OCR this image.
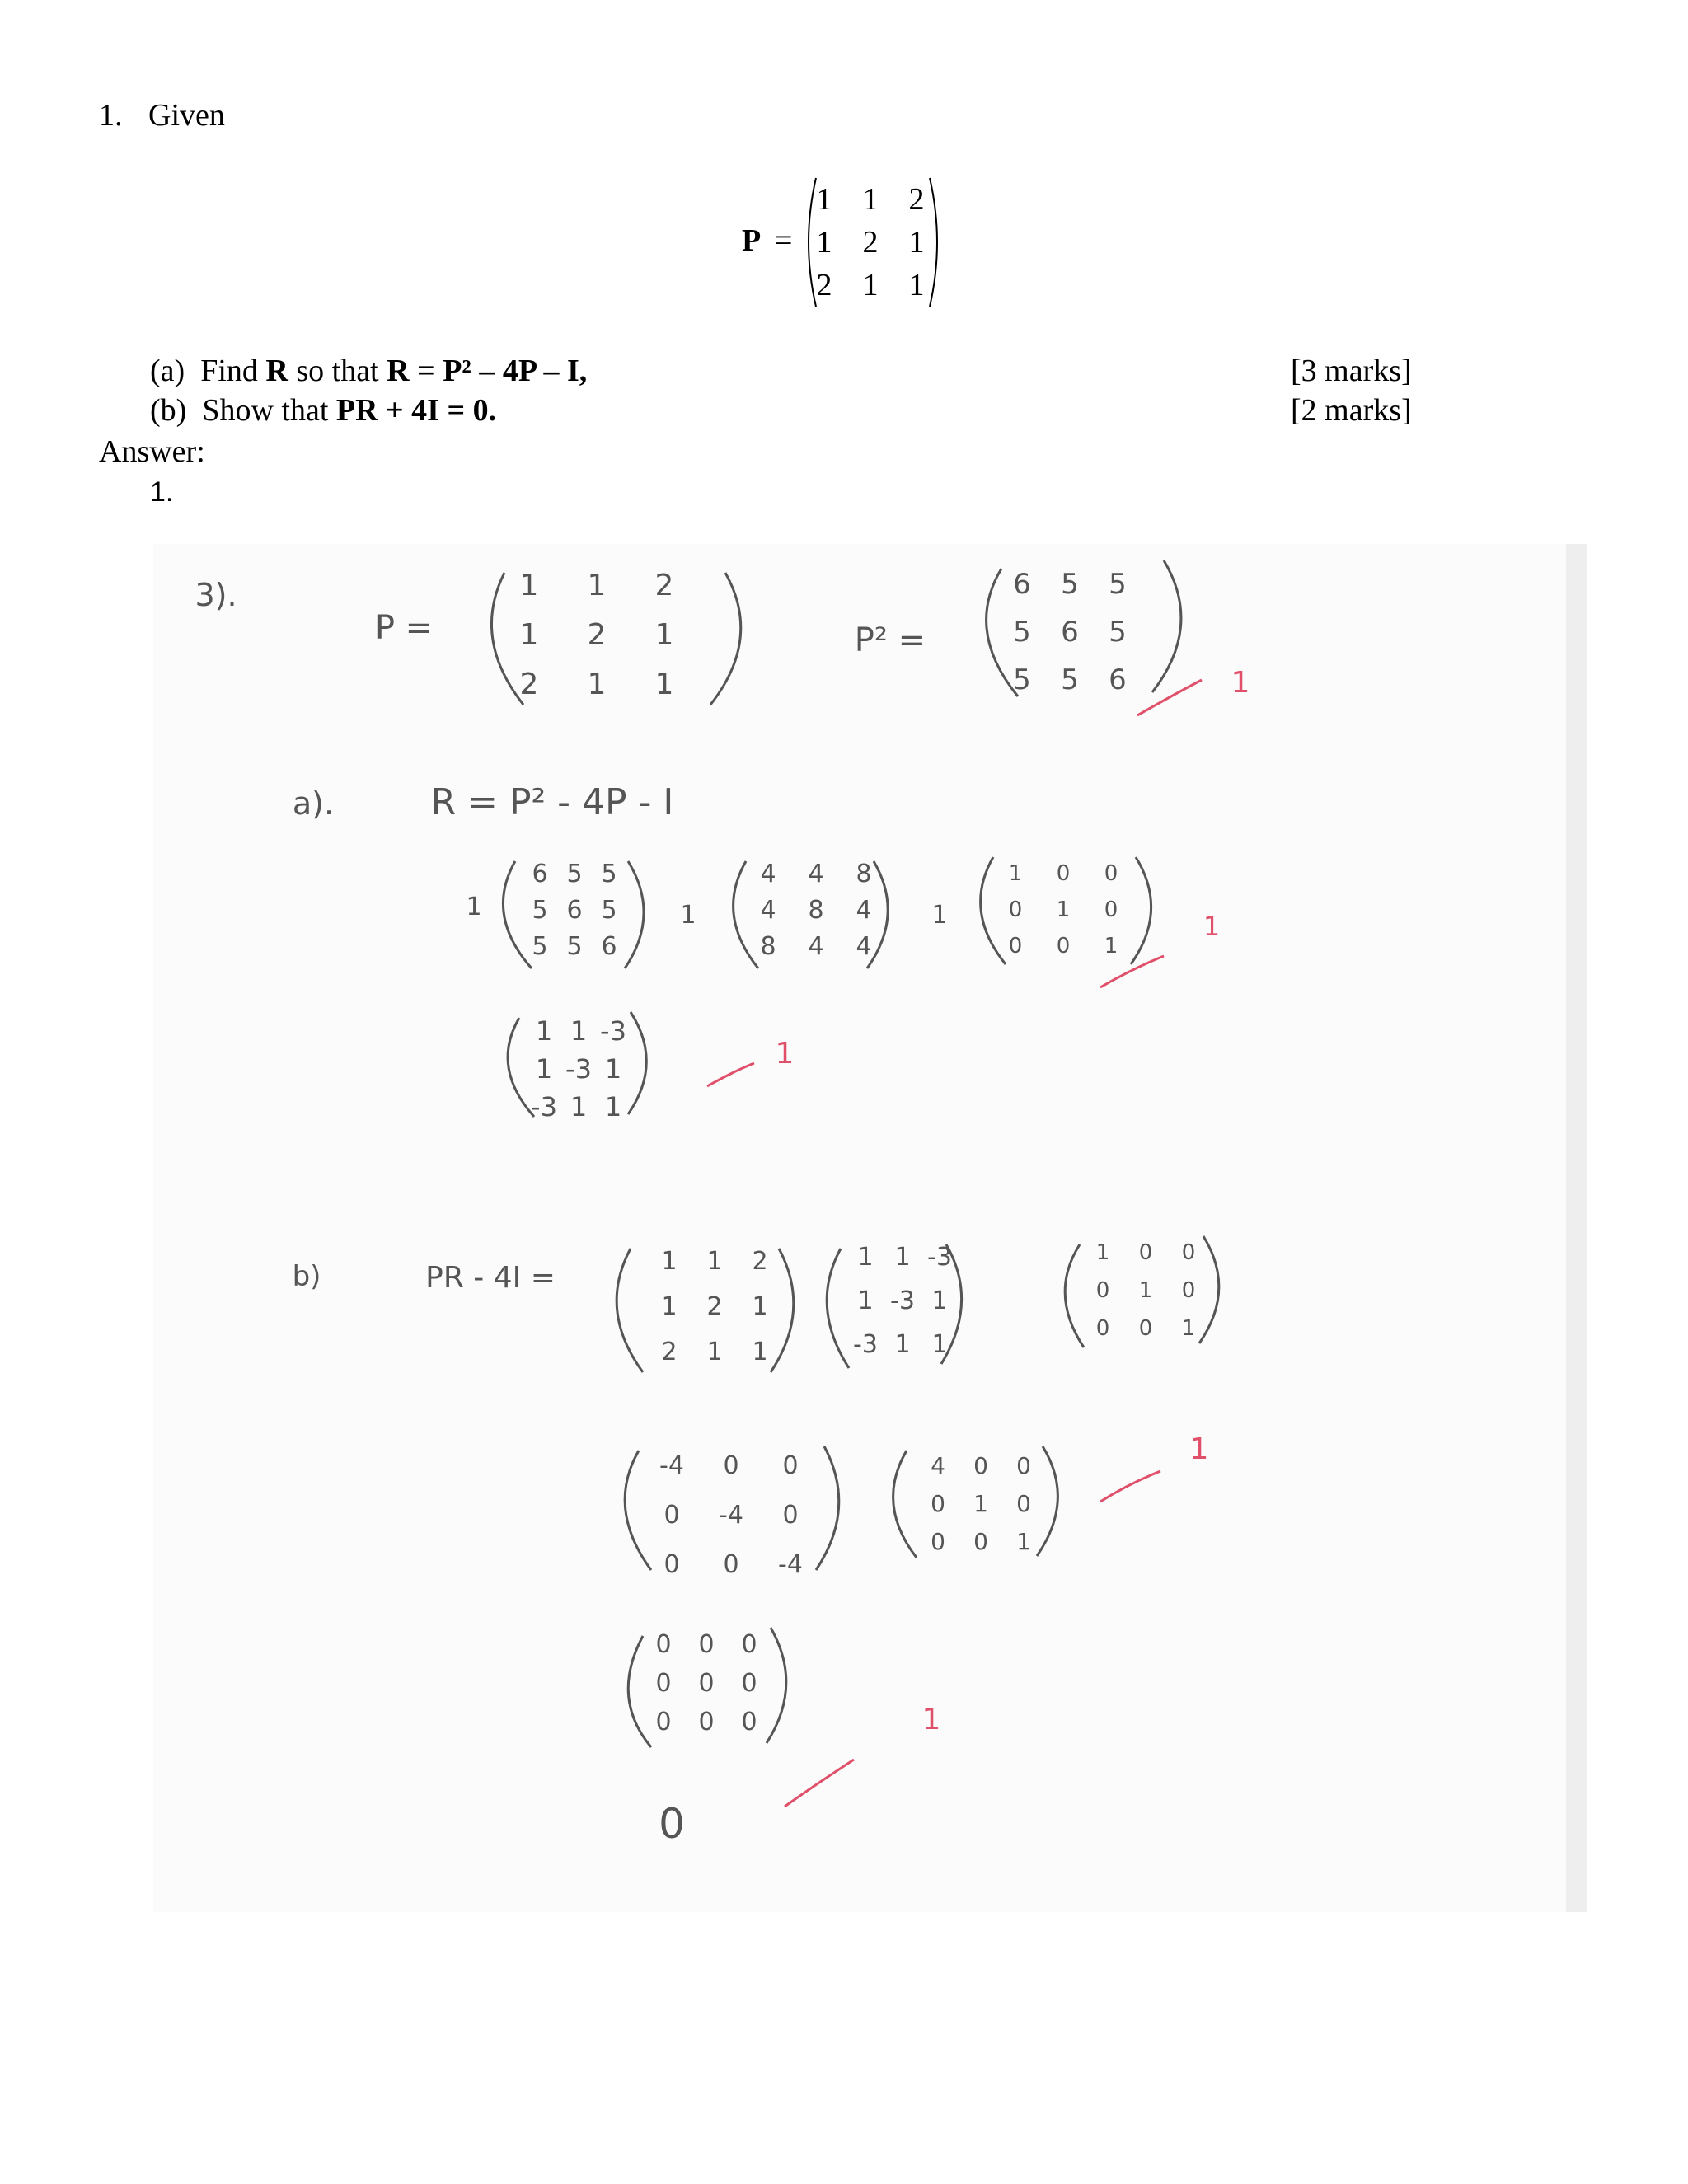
1. Given
P =
1 1 2
1 2 1
2 1 1
(a) Find R so that R = P² – 4P – I,	[3 marks]
(b) Show that PR + 4I = 0.	[2 marks]
Answer:
1.
3).
P =
1 1 2
1 2 1
2 1 1
P² =
6 5 5
5 6 5
5 5 6	1
a).	R = P² - 4P - I
1
6 5 5
5 6 5
5 5 6
1
4 4 8
4 8 4
8 4 4
1
1 0 0
0 1 0
0 0 1
1
1 1 -3
1 -3 1
-3 1 1
1
b)	PR - 4I =	1 1 2
1 2 1
2 1 1
1 1 -3
1 -3 1
-3 1 1
1 0 0
0 1 0
0 0 1
-4 0 0
0 -4 0
0 0 -4
4 0 0
0 1 0
0 0 1
1
0 0 0
0 0 0
0 0 0	1
0
